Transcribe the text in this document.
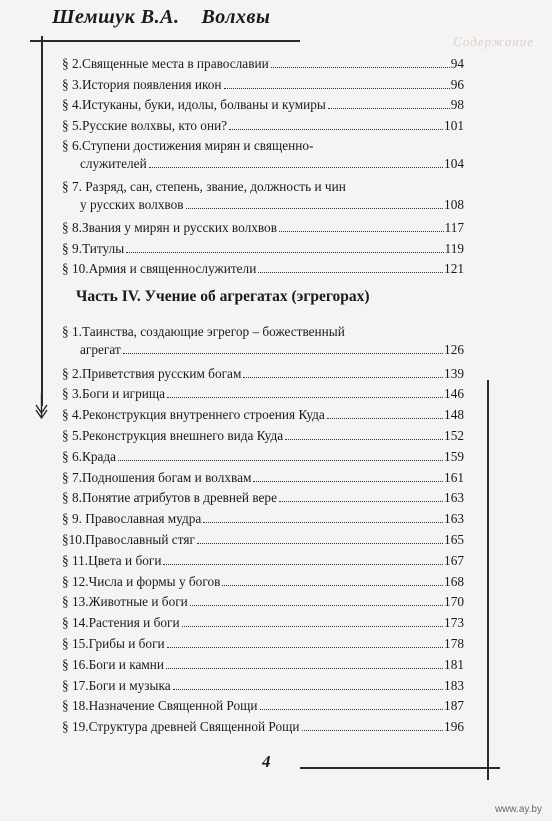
Содержание
Шемшук В.А. Волхвы
§ 2. Священные места в православии	94
§ 3. История появления икон	96
§ 4. Истуканы, буки, идолы, болваны и кумиры	98
§ 5. Русские волхвы, кто они?	101
§ 6. Ступени достижения мирян и священно-
служителей	104
§ 7. Разряд, сан, степень, звание, должность и чин
у русских волхвов	108
§ 8. Звания у мирян и русских волхвов	117
§ 9. Титулы	119
§ 10. Армия и священнослужители	121
§ 1. Таинства, создающие эгрегор – божественный
агрегат	126
§ 2. Приветствия русским богам	139
§ 3. Боги и игрища	146
§ 4. Реконструкция внутреннего строения Куда	148
§ 5. Реконструкция внешнего вида Куда	152
§ 6. Крада	159
§ 7. Подношения богам и волхвам	161
§ 8. Понятие атрибутов в древней вере	163
§ 9. Православная мудра	163
§10. Православный стяг	165
§ 11. Цвета и боги	167
§ 12. Числа и формы у богов	168
§ 13. Животные и боги	170
§ 14. Растения и боги	173
§ 15. Грибы и боги	178
§ 16. Боги и камни	181
§ 17. Боги и музыка	183
§ 18. Назначение Священной Рощи	187
§ 19. Структура древней Священной Рощи	196
Часть IV. Учение об агрегатах (эгрегорах)
4
www.ay.by
